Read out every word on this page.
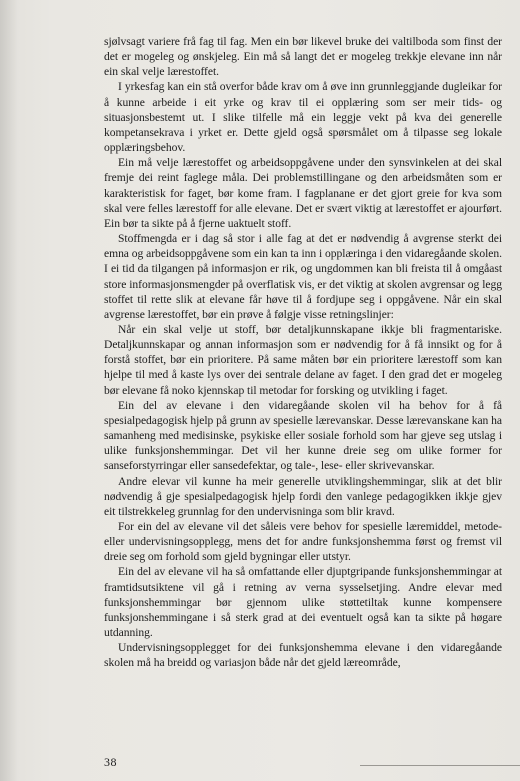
sjølvsagt variere frå fag til fag. Men ein bør likevel bruke dei valtilboda som finst der det er mogeleg og ønskjeleg. Ein må så langt det er mogeleg trekkje elevane inn når ein skal velje lærestoffet.

I yrkesfag kan ein stå overfor både krav om å øve inn grunnleggjande dugleikar for å kunne arbeide i eit yrke og krav til ei opplæring som ser meir tids- og situasjonsbestemt ut. I slike tilfelle må ein leggje vekt på kva dei generelle kompetansekrava i yrket er. Dette gjeld også spørsmålet om å tilpasse seg lokale opplæringsbehov.

Ein må velje lærestoffet og arbeidsoppgåvene under den synsvinkelen at dei skal fremje dei reint faglege måla. Dei problemstillingane og den arbeidsmåten som er karakteristisk for faget, bør kome fram. I fagplanane er det gjort greie for kva som skal vere felles lærestoff for alle elevane. Det er svært viktig at lærestoffet er ajourført. Ein bør ta sikte på å fjerne uaktuelt stoff.

Stoffmengda er i dag så stor i alle fag at det er nødvendig å avgrense sterkt dei emna og arbeidsoppgåvene som ein kan ta inn i opplæringa i den vidaregåande skolen. I ei tid da tilgangen på informasjon er rik, og ungdommen kan bli freista til å omgåast store informasjonsmengder på overflatisk vis, er det viktig at skolen avgrensar og legg stoffet til rette slik at elevane får høve til å fordjupe seg i oppgåvene. Når ein skal avgrense lærestoffet, bør ein prøve å følgje visse retningslinjer:

Når ein skal velje ut stoff, bør detaljkunnskapane ikkje bli fragmentariske. Detaljkunnskapar og annan informasjon som er nødvendig for å få innsikt og for å forstå stoffet, bør ein prioritere. På same måten bør ein prioritere lærestoff som kan hjelpe til med å kaste lys over dei sentrale delane av faget. I den grad det er mogeleg bør elevane få noko kjennskap til metodar for forsking og utvikling i faget.

Ein del av elevane i den vidaregåande skolen vil ha behov for å få spesialpedagogisk hjelp på grunn av spesielle lærevanskar. Desse lærevanskane kan ha samanheng med medisinske, psykiske eller sosiale forhold som har gjeve seg utslag i ulike funksjonshemmingar. Det vil her kunne dreie seg om ulike former for sanseforstyrringar eller sansedefektar, og tale-, lese- eller skrivevanskar.

Andre elevar vil kunne ha meir generelle utviklingshemmingar, slik at det blir nødvendig å gje spesialpedagogisk hjelp fordi den vanlege pedagogikken ikkje gjev eit tilstrekkeleg grunnlag for den undervisninga som blir kravd.

For ein del av elevane vil det såleis vere behov for spesielle læremiddel, metode- eller undervisningsopplegg, mens det for andre funksjonshemma først og fremst vil dreie seg om forhold som gjeld bygningar eller utstyr.

Ein del av elevane vil ha så omfattande eller djuptgripande funksjonshemmingar at framtidsutsiktene vil gå i retning av verna sysselsetjing. Andre elevar med funksjonshemmingar bør gjennom ulike støttetiltak kunne kompensere funksjonshemmingane i så sterk grad at dei eventuelt også kan ta sikte på høgare utdanning.

Undervisningsopplegget for dei funksjonshemma elevane i den vidaregåande skolen må ha breidd og variasjon både når det gjeld læreområde,

38
